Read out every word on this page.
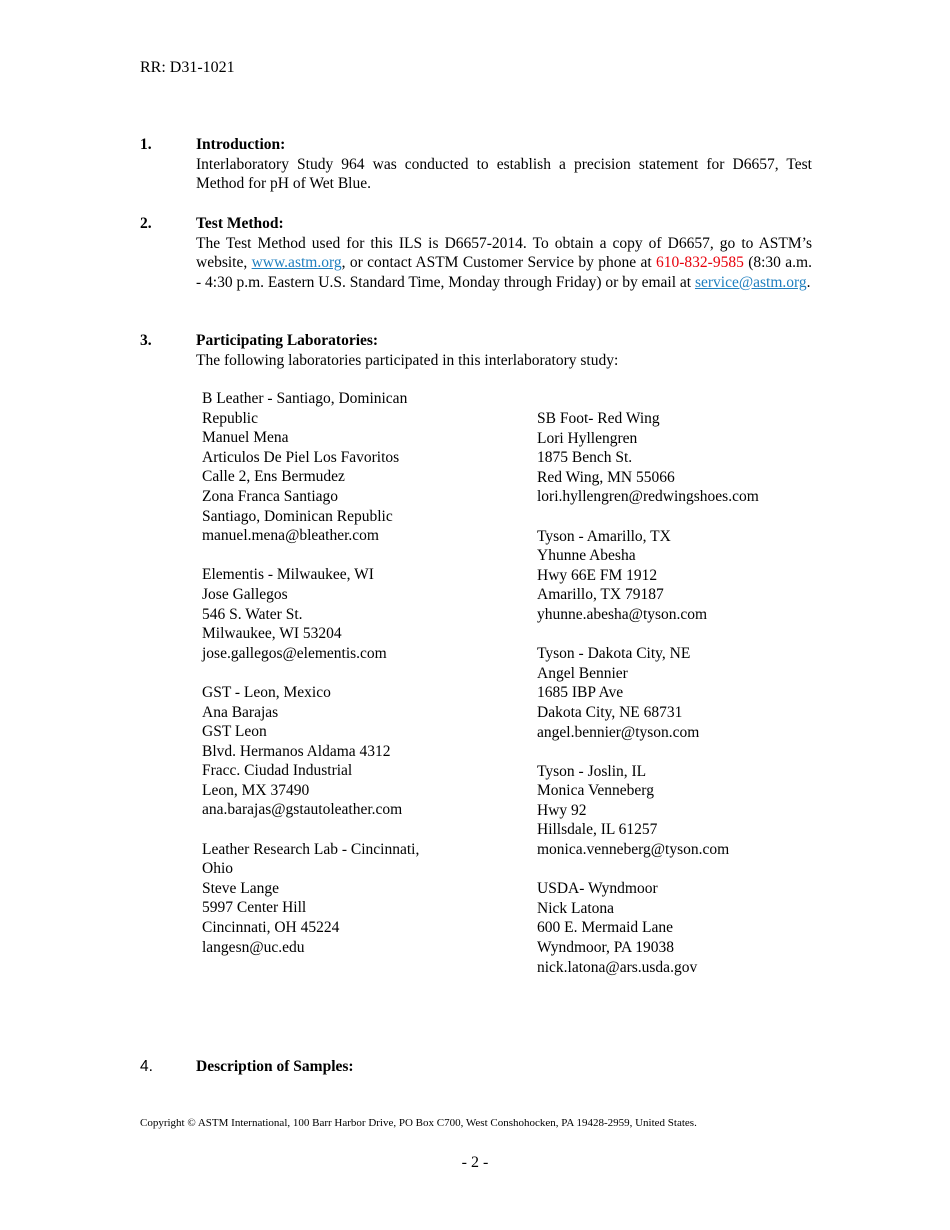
RR: D31-1021
1.	Introduction:
Interlaboratory Study 964 was conducted to establish a precision statement for D6657, Test Method for pH of Wet Blue.
2.	Test Method:
The Test Method used for this ILS is D6657-2014. To obtain a copy of D6657, go to ASTM’s website, www.astm.org, or contact ASTM Customer Service by phone at 610-832-9585 (8:30 a.m. - 4:30 p.m. Eastern U.S. Standard Time, Monday through Friday) or by email at service@astm.org.
3.	Participating Laboratories:
The following laboratories participated in this interlaboratory study:
B Leather - Santiago, Dominican
Republic
Manuel Mena
Articulos De Piel Los Favoritos
Calle 2, Ens Bermudez
Zona Franca Santiago
Santiago, Dominican Republic
manuel.mena@bleather.com
Elementis - Milwaukee, WI
Jose Gallegos
546 S. Water St.
Milwaukee, WI 53204
jose.gallegos@elementis.com
GST - Leon, Mexico
Ana Barajas
GST Leon
Blvd. Hermanos Aldama 4312
Fracc. Ciudad Industrial
Leon, MX 37490
ana.barajas@gstautoleather.com
Leather Research Lab - Cincinnati,
Ohio
Steve Lange
5997 Center Hill
Cincinnati, OH 45224
langesn@uc.edu
SB Foot- Red Wing
Lori Hyllengren
1875 Bench St.
Red Wing, MN 55066
lori.hyllengren@redwingshoes.com
Tyson - Amarillo, TX
Yhunne Abesha
Hwy 66E FM 1912
Amarillo, TX 79187
yhunne.abesha@tyson.com
Tyson - Dakota City, NE
Angel Bennier
1685 IBP Ave
Dakota City, NE 68731
angel.bennier@tyson.com
Tyson - Joslin, IL
Monica Venneberg
Hwy 92
Hillsdale, IL 61257
monica.venneberg@tyson.com
USDA- Wyndmoor
Nick Latona
600 E. Mermaid Lane
Wyndmoor, PA 19038
nick.latona@ars.usda.gov
4.	Description of Samples:
Copyright © ASTM International, 100 Barr Harbor Drive, PO Box C700, West Conshohocken, PA 19428-2959, United States.
- 2 -
